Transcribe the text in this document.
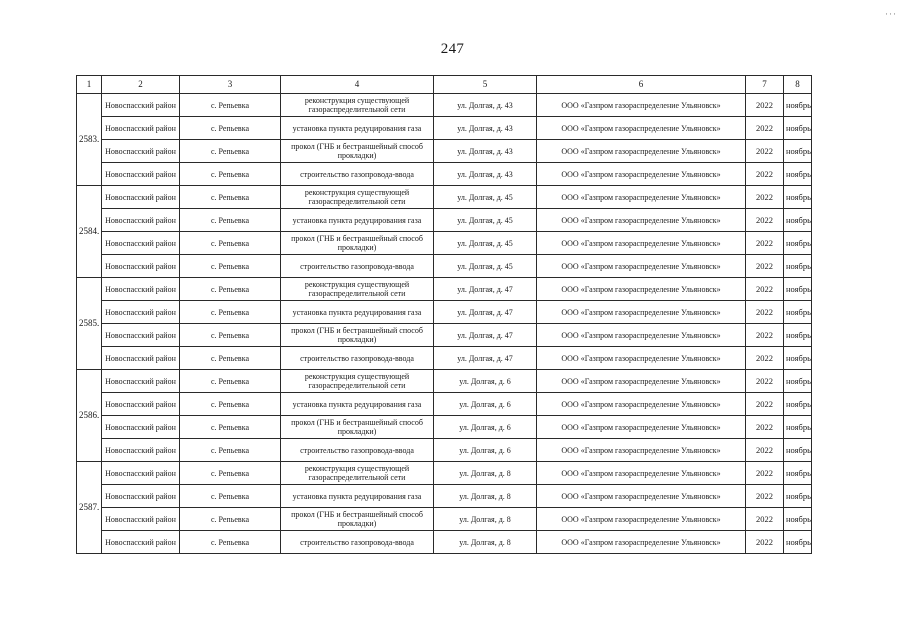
···
247
1	2	3	4	5	6	7	8
2583.	Новоспасский район	с. Репьевка	реконструкция существующей газораспределительной сети	ул. Долгая, д. 43	ООО «Газпром газораспределение Ульяновск»	2022	ноябрь
	Новоспасский район	с. Репьевка	установка пункта редуцирования газа	ул. Долгая, д. 43	ООО «Газпром газораспределение Ульяновск»	2022	ноябрь
	Новоспасский район	с. Репьевка	прокол (ГНБ и бестраншейный способ прокладки)	ул. Долгая, д. 43	ООО «Газпром газораспределение Ульяновск»	2022	ноябрь
	Новоспасский район	с. Репьевка	строительство газопровода-ввода	ул. Долгая, д. 43	ООО «Газпром газораспределение Ульяновск»	2022	ноябрь
2584.	Новоспасский район	с. Репьевка	реконструкция существующей газораспределительной сети	ул. Долгая, д. 45	ООО «Газпром газораспределение Ульяновск»	2022	ноябрь
	Новоспасский район	с. Репьевка	установка пункта редуцирования газа	ул. Долгая, д. 45	ООО «Газпром газораспределение Ульяновск»	2022	ноябрь
	Новоспасский район	с. Репьевка	прокол (ГНБ и бестраншейный способ прокладки)	ул. Долгая, д. 45	ООО «Газпром газораспределение Ульяновск»	2022	ноябрь
	Новоспасский район	с. Репьевка	строительство газопровода-ввода	ул. Долгая, д. 45	ООО «Газпром газораспределение Ульяновск»	2022	ноябрь
2585.	Новоспасский район	с. Репьевка	реконструкция существующей газораспределительной сети	ул. Долгая, д. 47	ООО «Газпром газораспределение Ульяновск»	2022	ноябрь
	Новоспасский район	с. Репьевка	установка пункта редуцирования газа	ул. Долгая, д. 47	ООО «Газпром газораспределение Ульяновск»	2022	ноябрь
	Новоспасский район	с. Репьевка	прокол (ГНБ и бестраншейный способ прокладки)	ул. Долгая, д. 47	ООО «Газпром газораспределение Ульяновск»	2022	ноябрь
	Новоспасский район	с. Репьевка	строительство газопровода-ввода	ул. Долгая, д. 47	ООО «Газпром газораспределение Ульяновск»	2022	ноябрь
2586.	Новоспасский район	с. Репьевка	реконструкция существующей газораспределительной сети	ул. Долгая, д. 6	ООО «Газпром газораспределение Ульяновск»	2022	ноябрь
	Новоспасский район	с. Репьевка	установка пункта редуцирования газа	ул. Долгая, д. 6	ООО «Газпром газораспределение Ульяновск»	2022	ноябрь
	Новоспасский район	с. Репьевка	прокол (ГНБ и бестраншейный способ прокладки)	ул. Долгая, д. 6	ООО «Газпром газораспределение Ульяновск»	2022	ноябрь
	Новоспасский район	с. Репьевка	строительство газопровода-ввода	ул. Долгая, д. 6	ООО «Газпром газораспределение Ульяновск»	2022	ноябрь
2587.	Новоспасский район	с. Репьевка	реконструкция существующей газораспределительной сети	ул. Долгая, д. 8	ООО «Газпром газораспределение Ульяновск»	2022	ноябрь
	Новоспасский район	с. Репьевка	установка пункта редуцирования газа	ул. Долгая, д. 8	ООО «Газпром газораспределение Ульяновск»	2022	ноябрь
	Новоспасский район	с. Репьевка	прокол (ГНБ и бестраншейный способ прокладки)	ул. Долгая, д. 8	ООО «Газпром газораспределение Ульяновск»	2022	ноябрь
	Новоспасский район	с. Репьевка	строительство газопровода-ввода	ул. Долгая, д. 8	ООО «Газпром газораспределение Ульяновск»	2022	ноябрь
